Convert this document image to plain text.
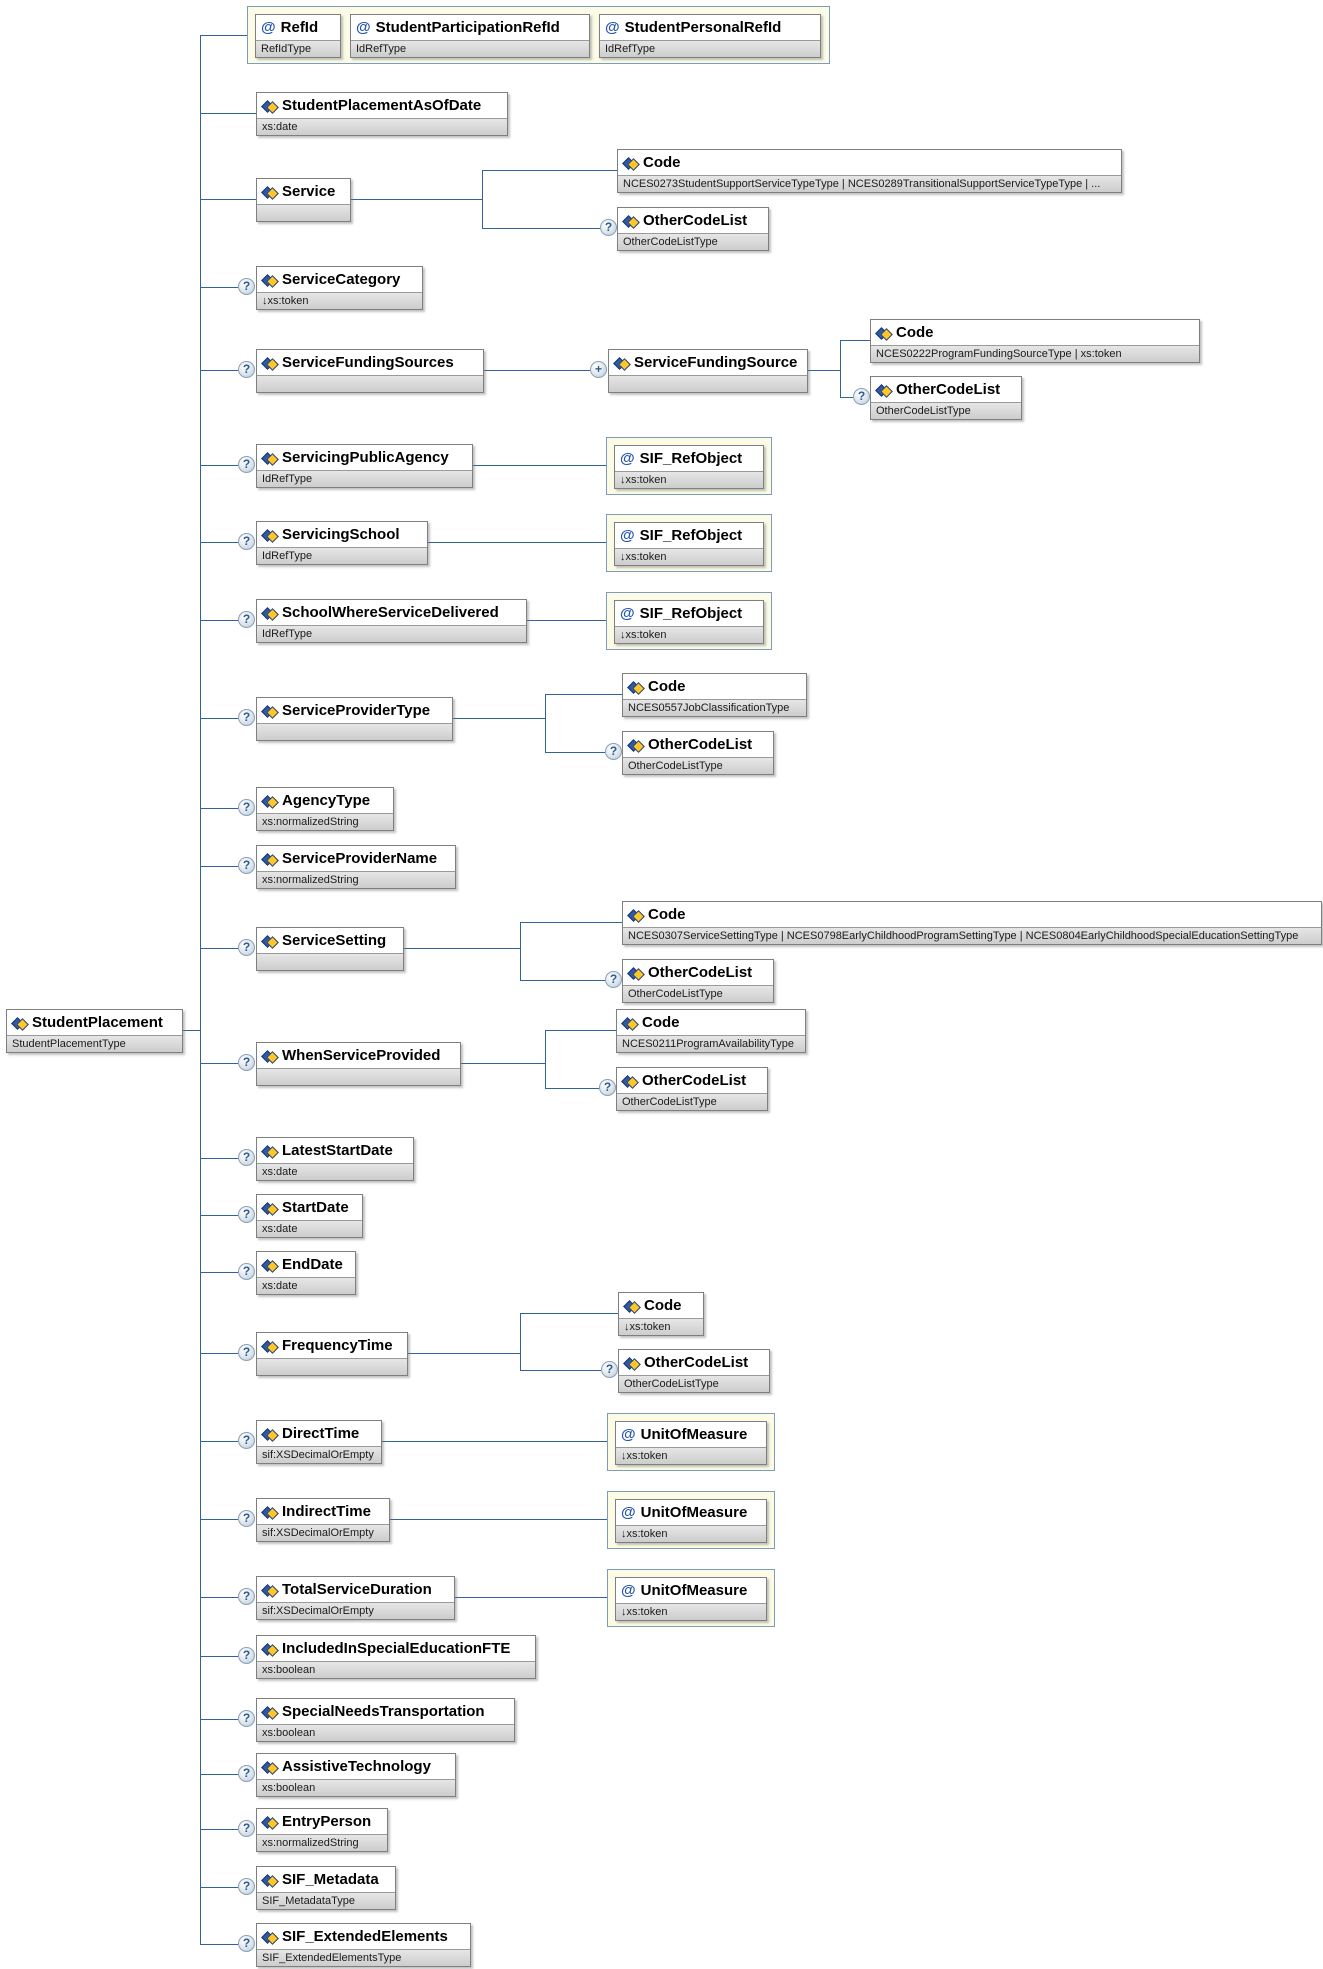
StudentPlacement
StudentPlacementType
@ RefId
RefIdType
@ StudentParticipationRefId
IdRefType
@ StudentPersonalRefId
IdRefType
StudentPlacementAsOfDate
xs:date
Service
Code
NCES0273StudentSupportServiceTypeType | NCES0289TransitionalSupportServiceTypeType | ...
?	OtherCodeList
OtherCodeListType
?	ServiceCategory
↓xs:token
?	ServiceFundingSources	+	ServiceFundingSource
Code
NCES0222ProgramFundingSourceType | xs:token
?	OtherCodeList
OtherCodeListType
?	ServicingPublicAgency
IdRefType
@ SIF_RefObject
↓xs:token
?	ServicingSchool
IdRefType
@ SIF_RefObject
↓xs:token
?	SchoolWhereServiceDelivered
IdRefType
@ SIF_RefObject
↓xs:token
?	ServiceProviderType
Code
NCES0557JobClassificationType
?	OtherCodeList
OtherCodeListType
?	AgencyType
xs:normalizedString
?	ServiceProviderName
xs:normalizedString
?	ServiceSetting
Code
NCES0307ServiceSettingType | NCES0798EarlyChildhoodProgramSettingType | NCES0804EarlyChildhoodSpecialEducationSettingType
?	OtherCodeList
OtherCodeListType
?	WhenServiceProvided
Code
NCES0211ProgramAvailabilityType
?	OtherCodeList
OtherCodeListType
?	LatestStartDate
xs:date
?	StartDate
xs:date
?	EndDate
xs:date
?	FrequencyTime
Code
↓xs:token
?	OtherCodeList
OtherCodeListType
?	DirectTime
sif:XSDecimalOrEmpty
@ UnitOfMeasure
↓xs:token
?	IndirectTime
sif:XSDecimalOrEmpty
@ UnitOfMeasure
↓xs:token
?	TotalServiceDuration
sif:XSDecimalOrEmpty
@ UnitOfMeasure
↓xs:token
?	IncludedInSpecialEducationFTE
xs:boolean
?	SpecialNeedsTransportation
xs:boolean
?	AssistiveTechnology
xs:boolean
?	EntryPerson
xs:normalizedString
?	SIF_Metadata
SIF_MetadataType
?	SIF_ExtendedElements
SIF_ExtendedElementsType
